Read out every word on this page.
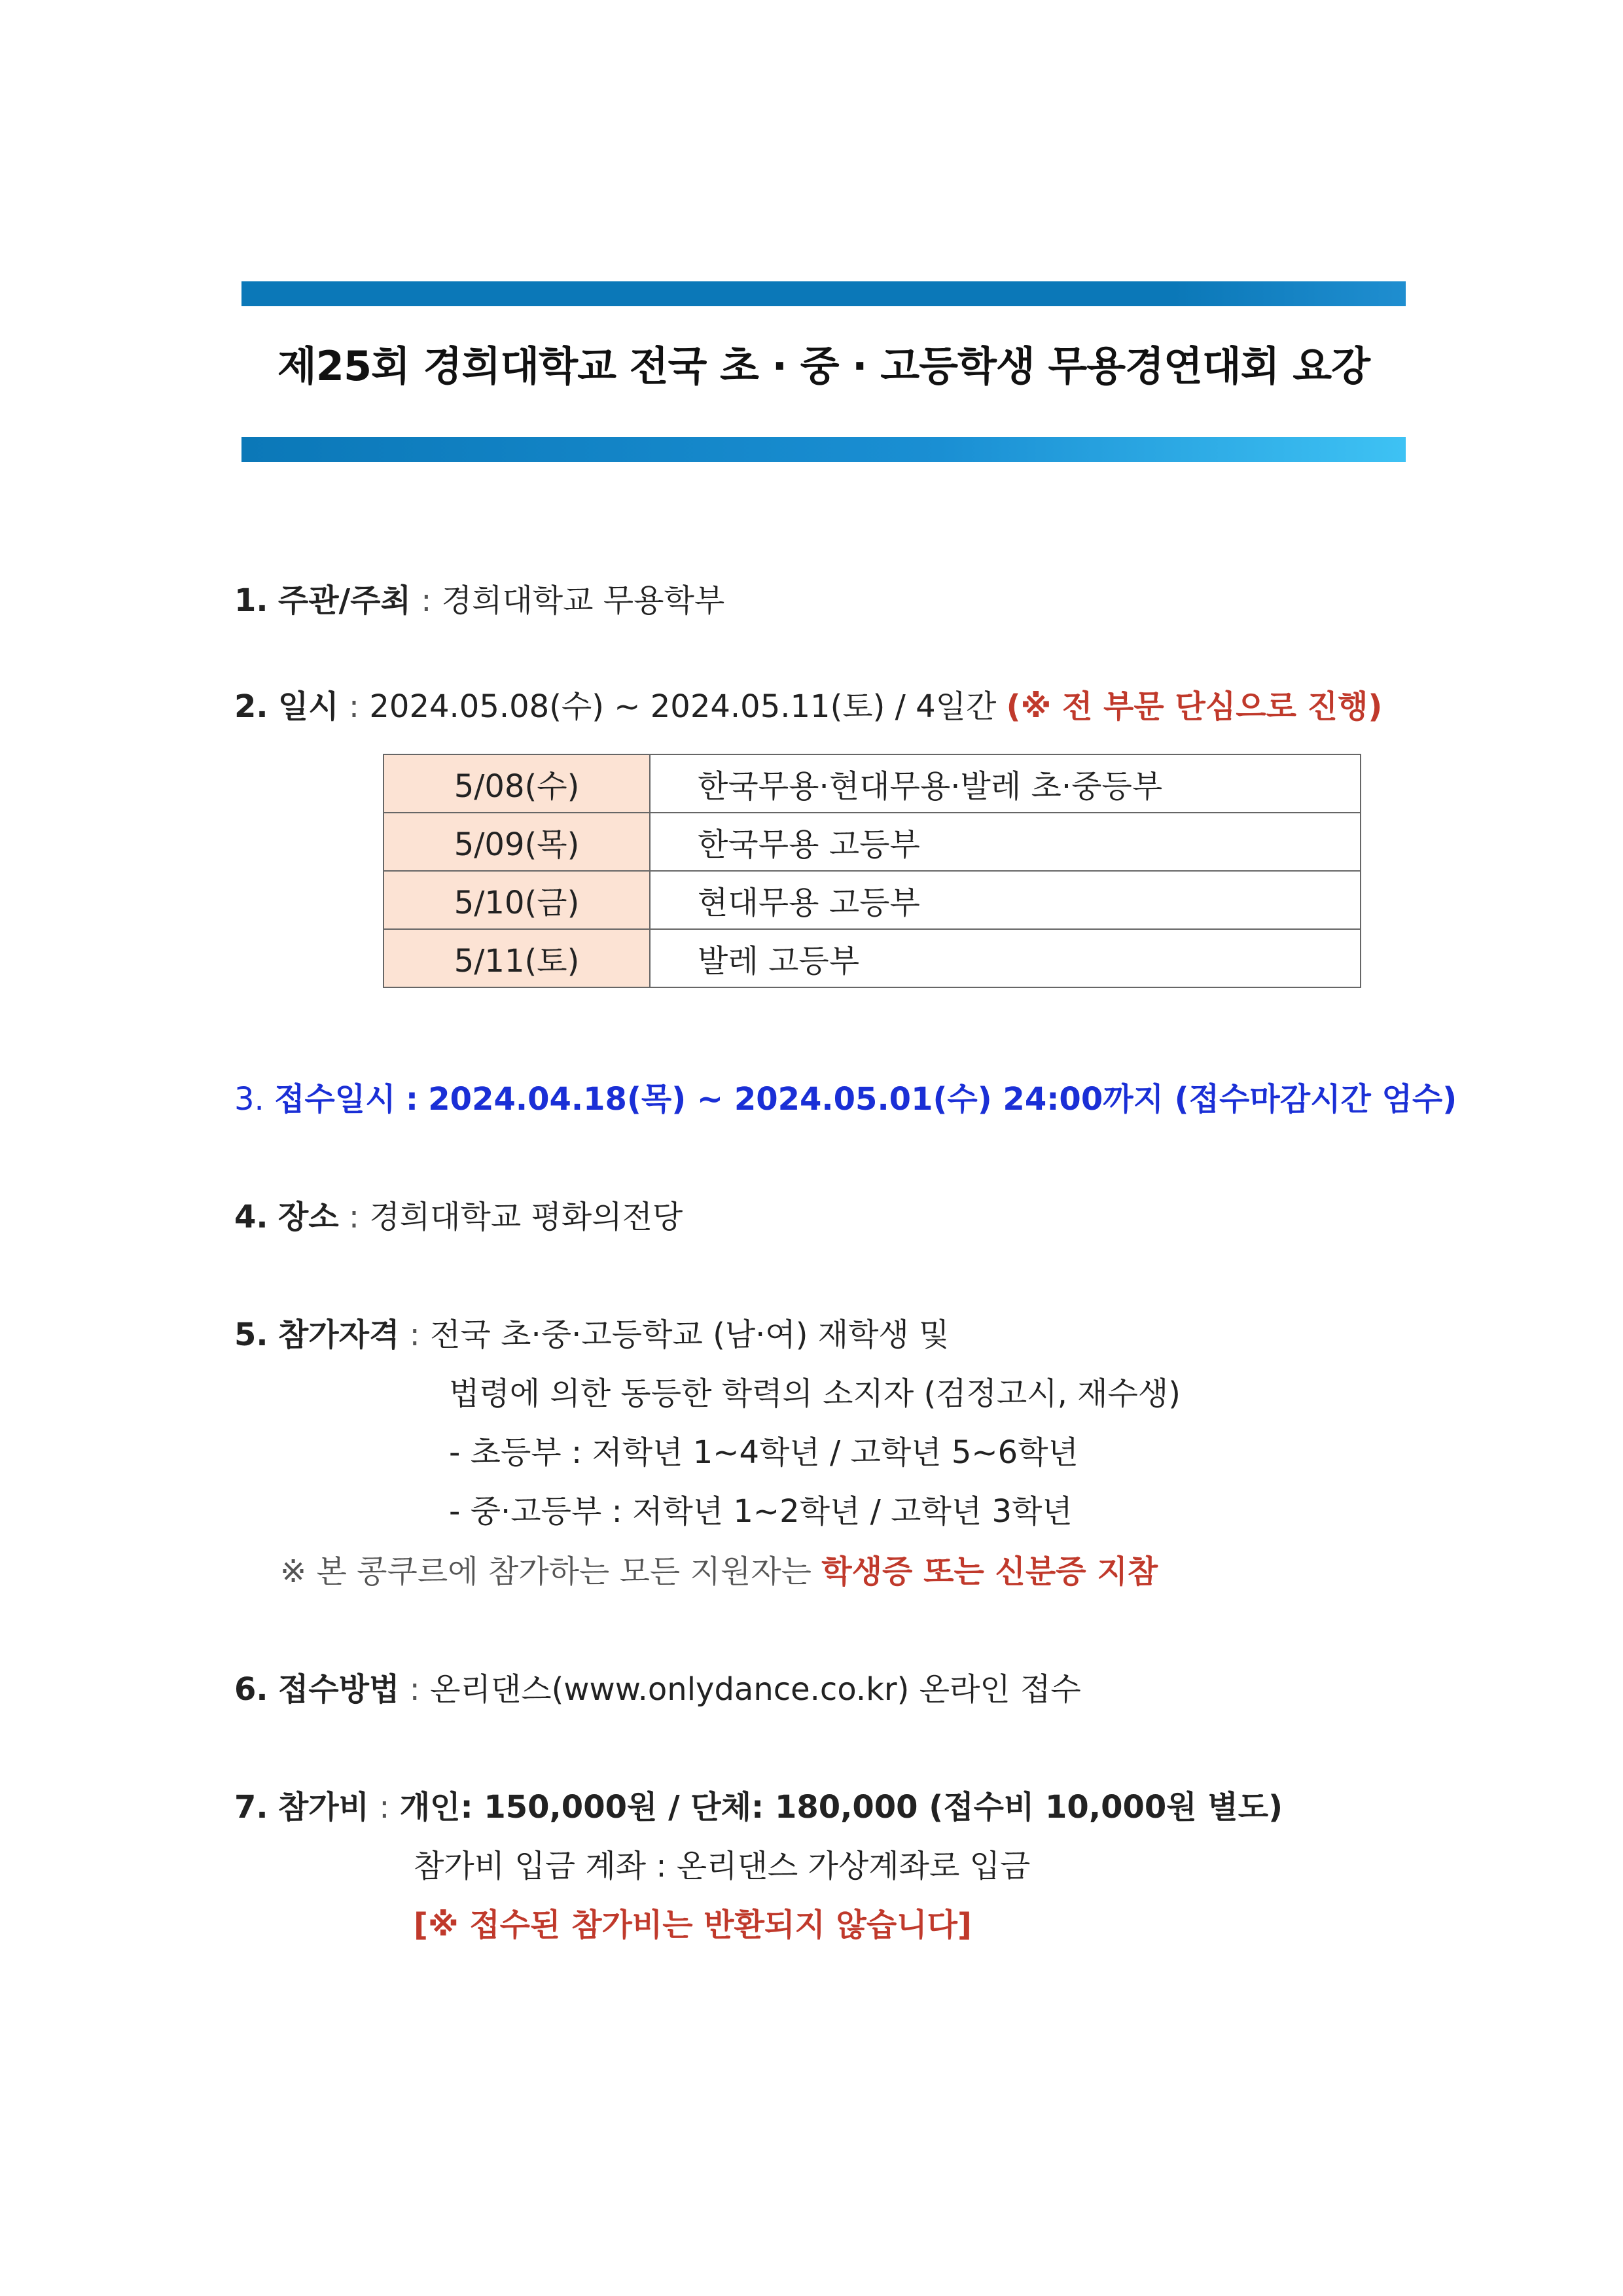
제25회 경희대학교 전국 초 · 중 · 고등학생 무용경연대회 요강
1. 주관/주최 : 경희대학교 무용학부
2. 일시 : 2024.05.08(수) ~ 2024.05.11(토) / 4일간 (※ 전 부문 단심으로 진행)
5/08(수)	한국무용·현대무용·발레 초·중등부
5/09(목)	한국무용 고등부
5/10(금)	현대무용 고등부
5/11(토)	발레 고등부
3. 접수일시 : 2024.04.18(목) ~ 2024.05.01(수) 24:00까지 (접수마감시간 엄수)
4. 장소 : 경희대학교 평화의전당
5. 참가자격 : 전국 초·중·고등학교 (남·여) 재학생 및
법령에 의한 동등한 학력의 소지자 (검정고시, 재수생)
- 초등부 : 저학년 1~4학년 / 고학년 5~6학년
- 중·고등부 : 저학년 1~2학년 / 고학년 3학년
※ 본 콩쿠르에 참가하는 모든 지원자는 학생증 또는 신분증 지참
6. 접수방법 : 온리댄스(www.onlydance.co.kr) 온라인 접수
7. 참가비 : 개인: 150,000원 / 단체: 180,000 (접수비 10,000원 별도)
참가비 입금 계좌 : 온리댄스 가상계좌로 입금
[※ 접수된 참가비는 반환되지 않습니다]
